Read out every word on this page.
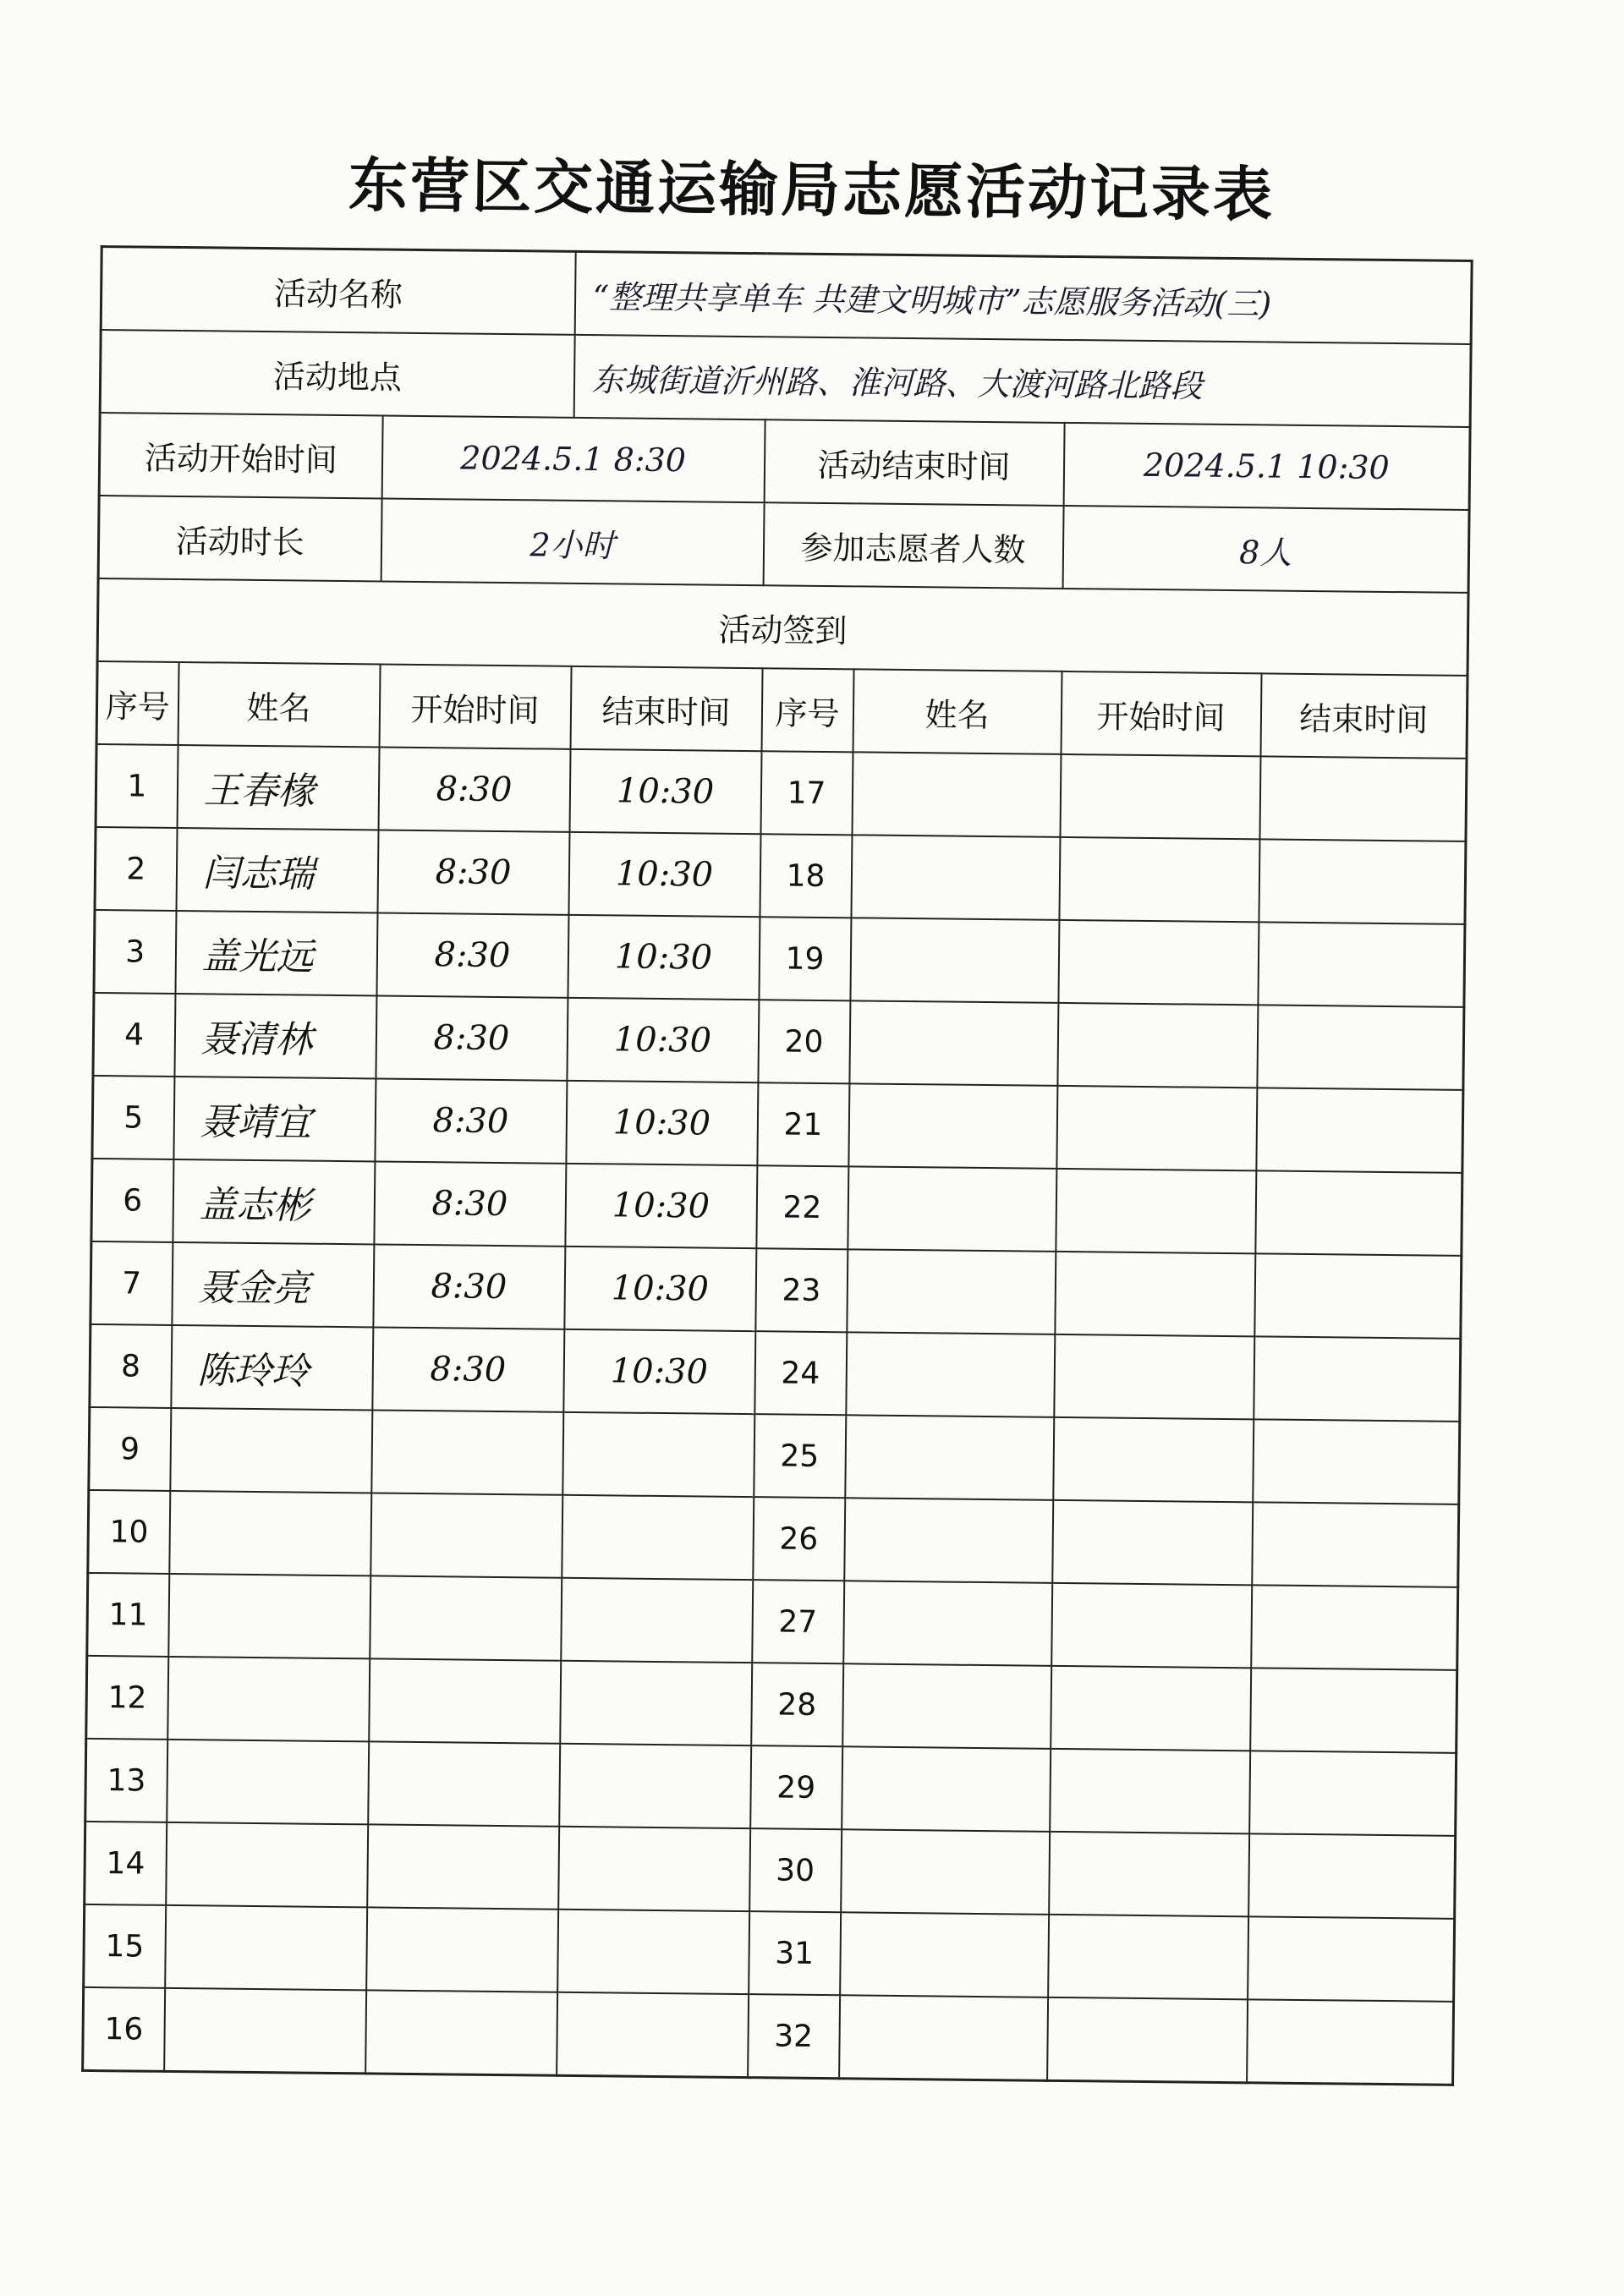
东营区交通运输局志愿活动记录表
活动名称			“整理共享单车 共建文明城市”志愿服务活动(三)				
活动地点			东城街道沂州路、淮河路、大渡河路北路段				
活动开始时间		2024.5.1 8:30		活动结束时间		2024.5.1 10:30	
活动时长		2小时		参加志愿者人数		8人	
活动签到							
序号	姓名	开始时间	结束时间	序号	姓名	开始时间	结束时间
1	王春椽	8:30	10:30	17			
2	闫志瑞	8:30	10:30	18			
3	盖光远	8:30	10:30	19			
4	聂清林	8:30	10:30	20			
5	聂靖宜	8:30	10:30	21			
6	盖志彬	8:30	10:30	22			
7	聂金亮	8:30	10:30	23			
8	陈玲玲	8:30	10:30	24			
9				25			
10				26			
11				27			
12				28			
13				29			
14				30			
15				31			
16				32			
